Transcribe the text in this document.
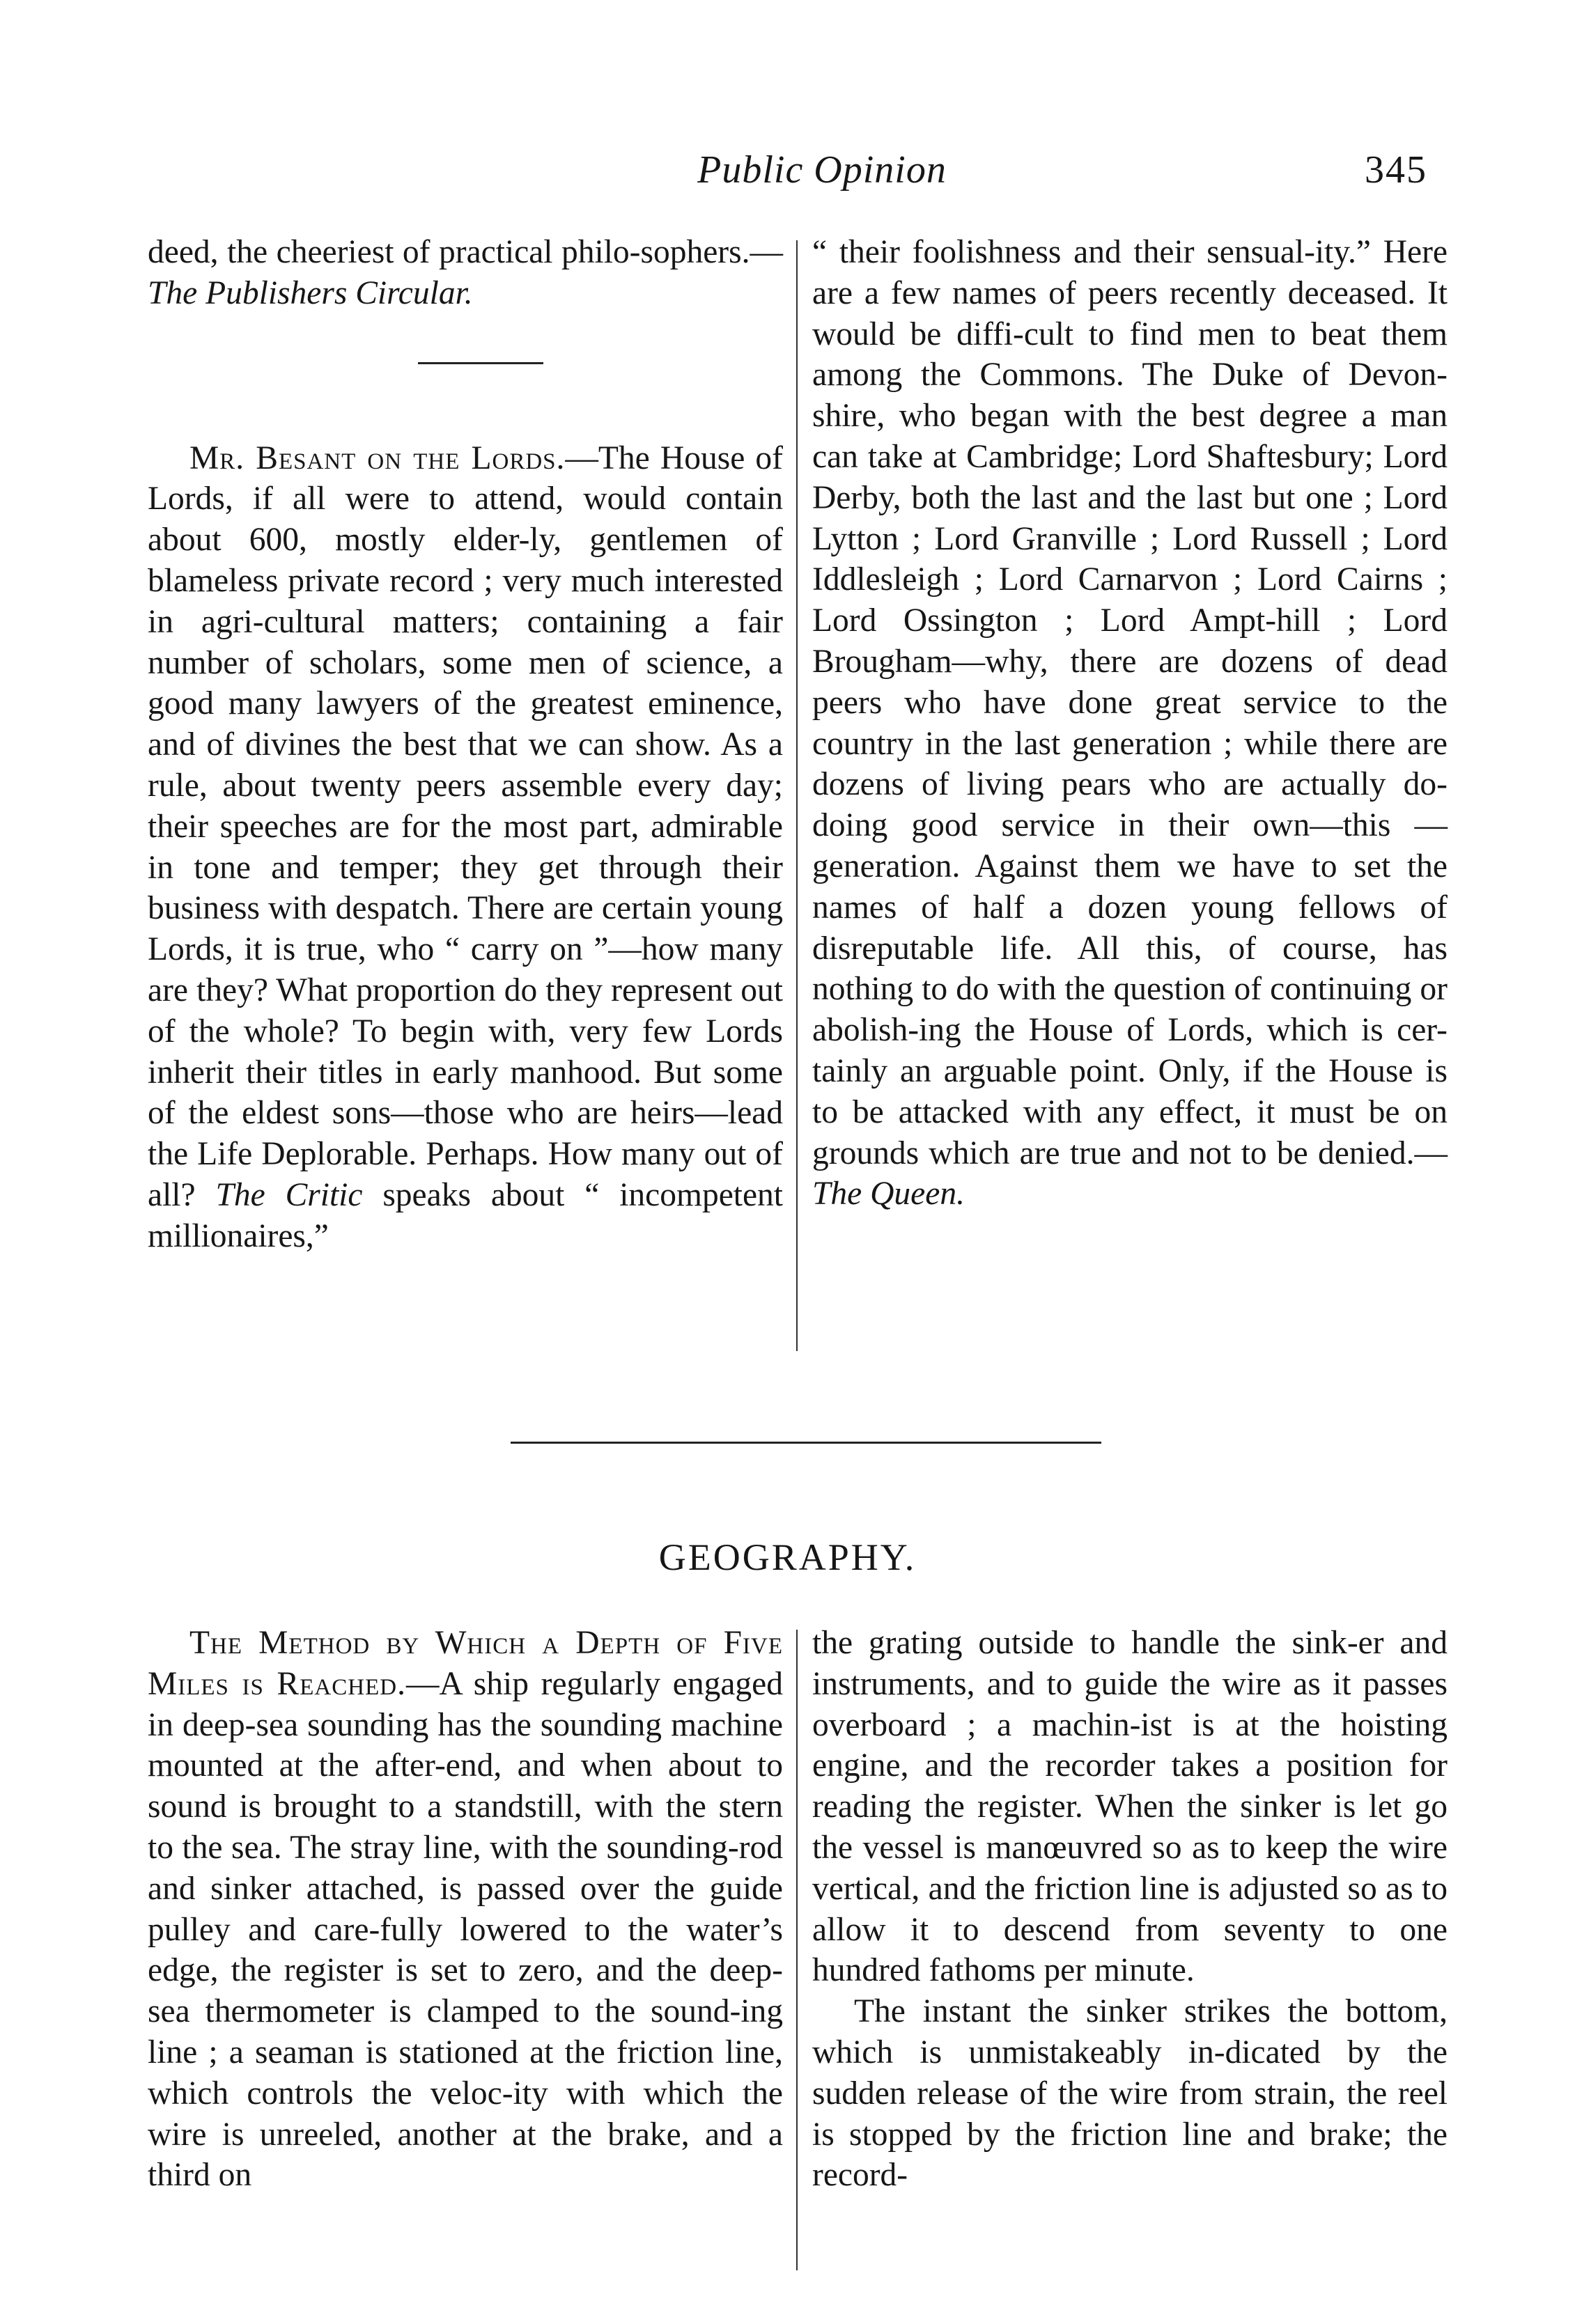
Public Opinion	345

deed, the cheeriest of practical philo-sophers.—The Publishers Circular.

Mr. Besant on the Lords.—The House of Lords, if all were to attend, would contain about 600, mostly elder-ly, gentlemen of blameless private record ; very much interested in agri-cultural matters; containing a fair number of scholars, some men of science, a good many lawyers of the greatest eminence, and of divines the best that we can show. As a rule, about twenty peers assemble every day; their speeches are for the most part, admirable in tone and temper; they get through their business with despatch. There are certain young Lords, it is true, who “ carry on ”—how many are they? What proportion do they represent out of the whole? To begin with, very few Lords inherit their titles in early manhood. But some of the eldest sons—those who are heirs—lead the Life Deplorable. Perhaps. How many out of all? The Critic speaks about “ incompetent millionaires,”

“ their foolishness and their sensual-ity.” Here are a few names of peers recently deceased. It would be diffi-cult to find men to beat them among the Commons. The Duke of Devon-shire, who began with the best degree a man can take at Cambridge; Lord Shaftesbury; Lord Derby, both the last and the last but one ; Lord Lytton ; Lord Granville ; Lord Russell ; Lord Iddlesleigh ; Lord Carnarvon ; Lord Cairns ; Lord Ossington ; Lord Ampt-hill ; Lord Brougham—why, there are dozens of dead peers who have done great service to the country in the last generation ; while there are dozens of living pears who are actually do-doing good service in their own—this —generation. Against them we have to set the names of half a dozen young fellows of disreputable life. All this, of course, has nothing to do with the question of continuing or abolish-ing the House of Lords, which is cer-tainly an arguable point. Only, if the House is to be attacked with any effect, it must be on grounds which are true and not to be denied.—The Queen.

GEOGRAPHY.

The Method by Which a Depth of Five Miles is Reached.—A ship regularly engaged in deep-sea sounding has the sounding machine mounted at the after-end, and when about to sound is brought to a standstill, with the stern to the sea. The stray line, with the sounding-rod and sinker attached, is passed over the guide pulley and care-fully lowered to the water’s edge, the register is set to zero, and the deep-sea thermometer is clamped to the sound-ing line ; a seaman is stationed at the friction line, which controls the veloc-ity with which the wire is unreeled, another at the brake, and a third on

the grating outside to handle the sink-er and instruments, and to guide the wire as it passes overboard ; a machin-ist is at the hoisting engine, and the recorder takes a position for reading the register. When the sinker is let go the vessel is manœuvred so as to keep the wire vertical, and the friction line is adjusted so as to allow it to descend from seventy to one hundred fathoms per minute.

The instant the sinker strikes the bottom, which is unmistakeably in-dicated by the sudden release of the wire from strain, the reel is stopped by the friction line and brake; the record-
